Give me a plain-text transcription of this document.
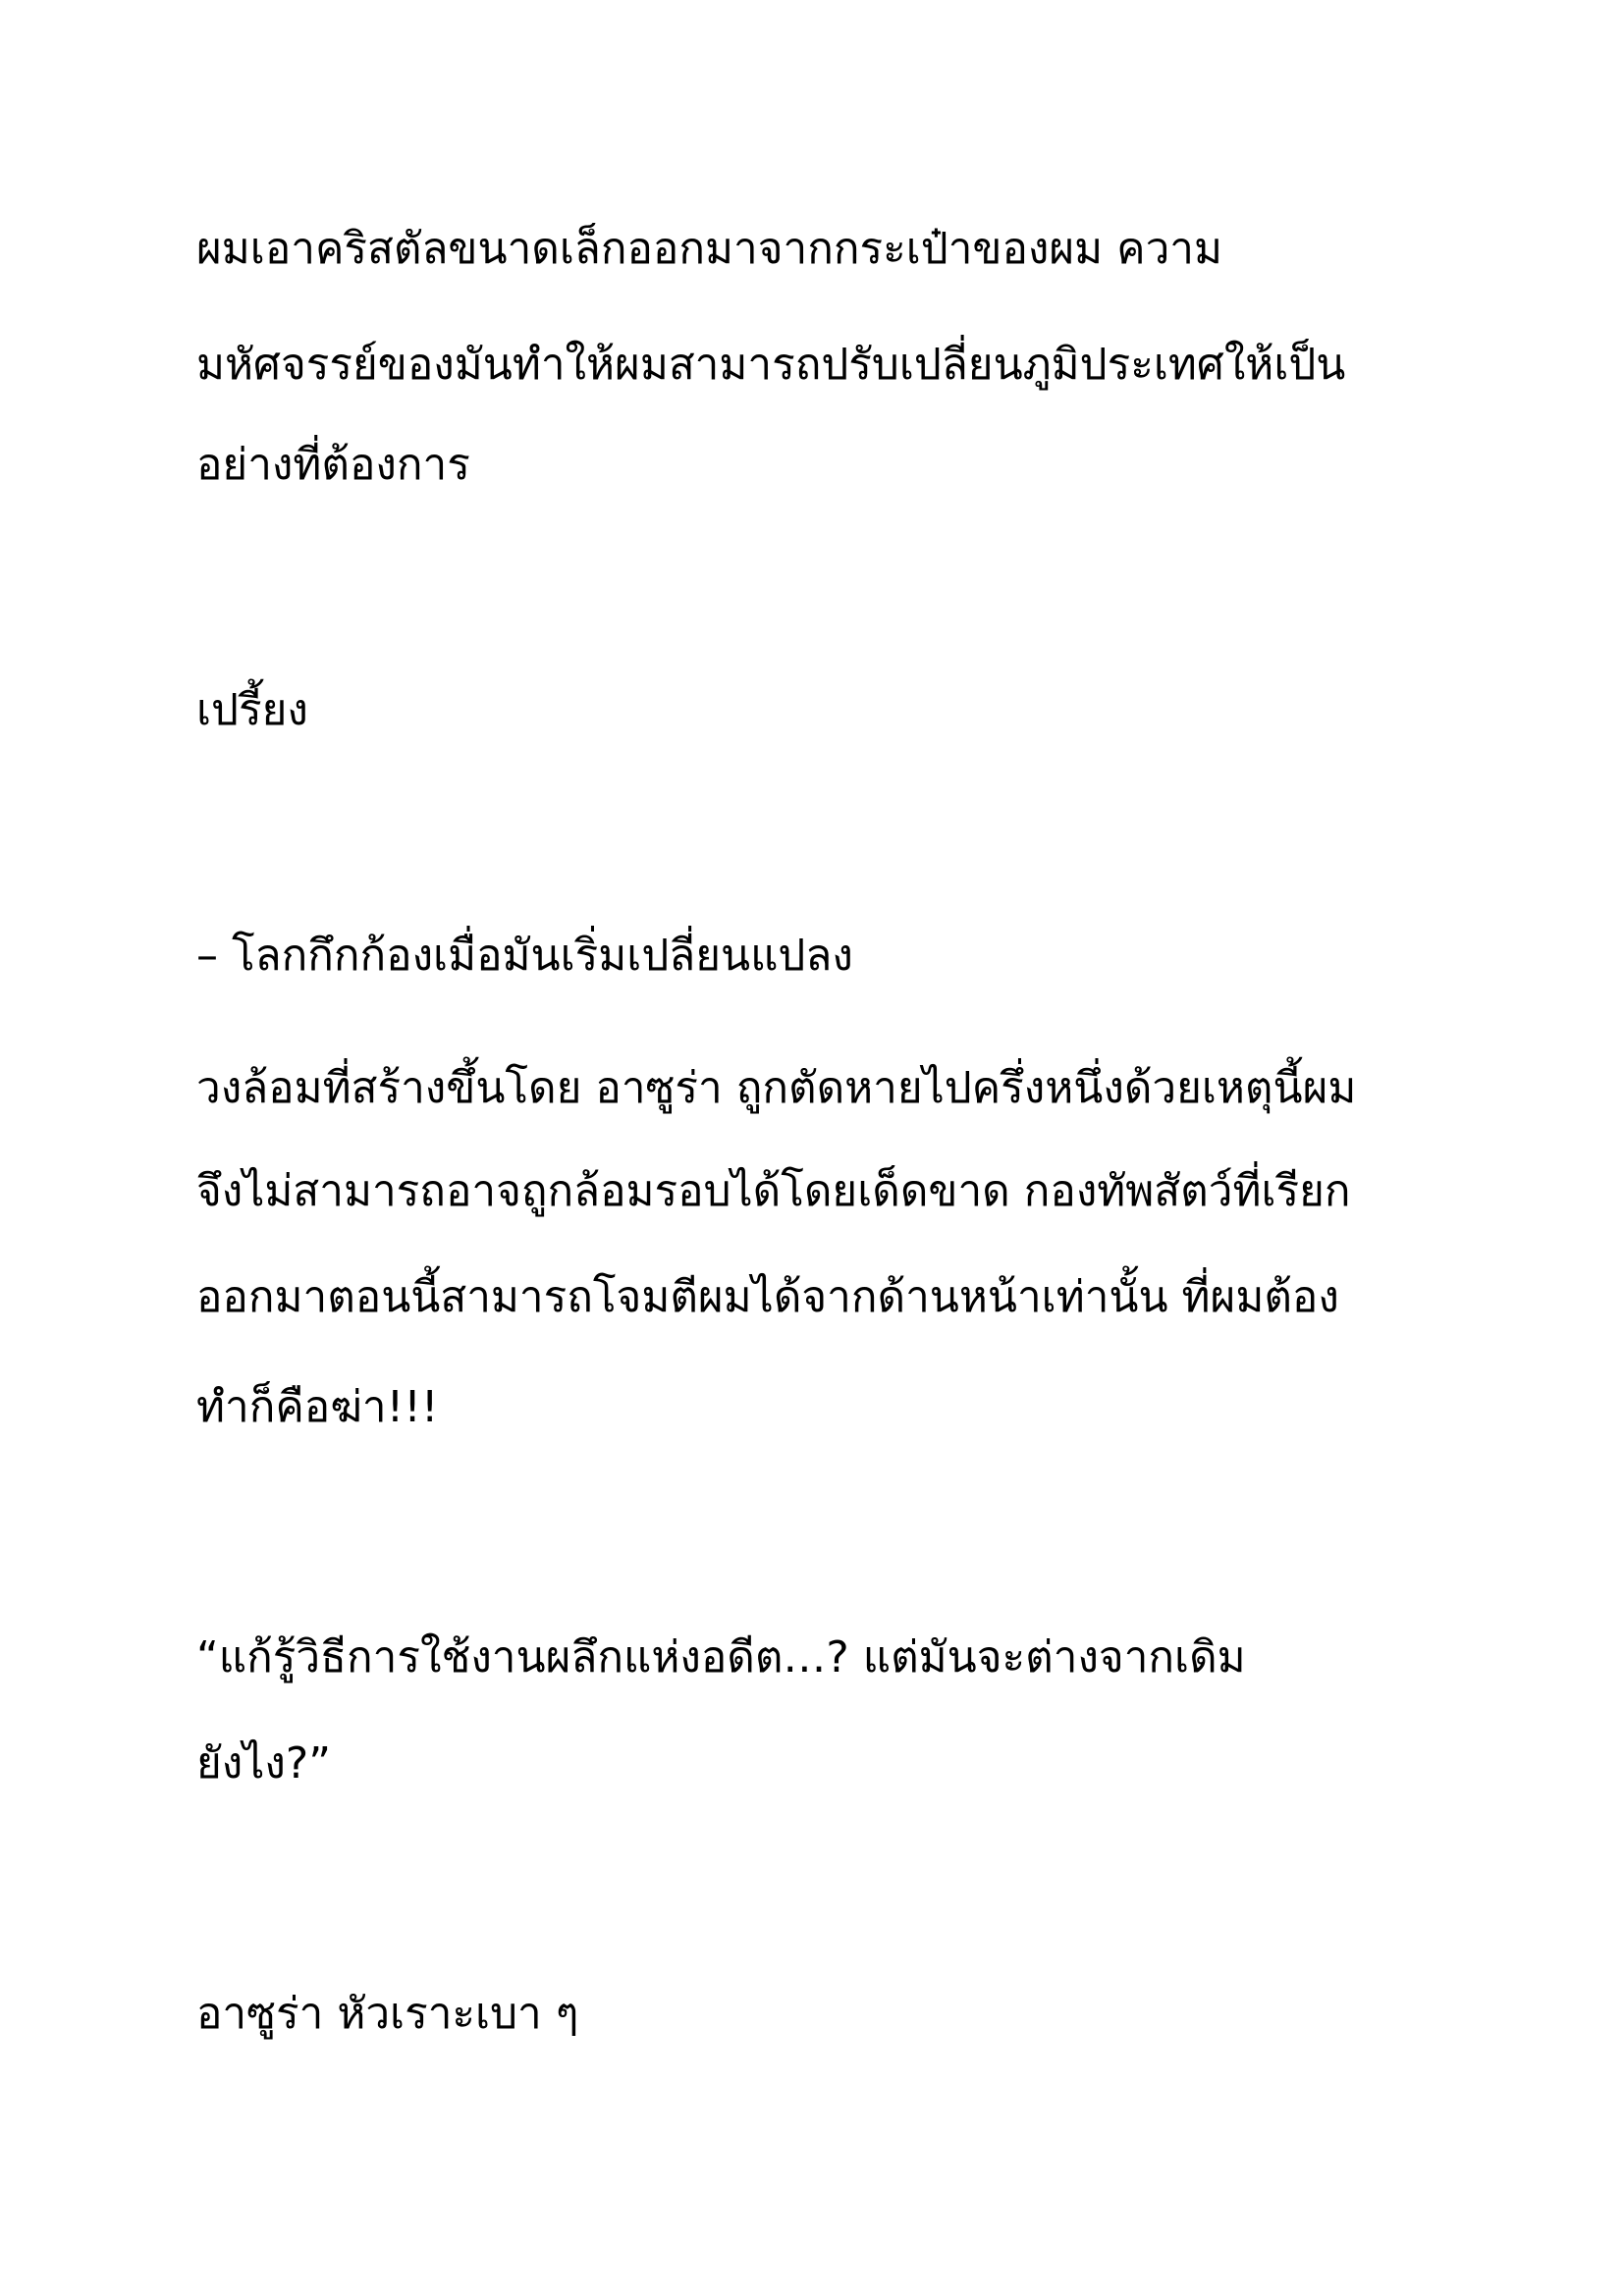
ผมเอาคริสตัลขนาดเล็กออกมาจากกระเป๋าของผม ความ
มหัศจรรย์ของมันทำให้ผมสามารถปรับเปลี่ยนภูมิประเทศให้เป็น
อย่างที่ต้องการ
เปรี้ยง
– โลกกึกก้องเมื่อมันเริ่มเปลี่ยนแปลง
วงล้อมที่สร้างขึ้นโดย อาซูร่า ถูกตัดหายไปครึ่งหนึ่งด้วยเหตุนี้ผม
จึงไม่สามารถอาจถูกล้อมรอบได้โดยเด็ดขาด กองทัพสัตว์ที่เรียก
ออกมาตอนนี้สามารถโจมตีผมได้จากด้านหน้าเท่านั้น ที่ผมต้อง
ทำก็คือฆ่า!!!
“แก้รู้วิธีการใช้งานผลึกแห่งอดีต…? แต่มันจะต่างจากเดิม
ยังไง?”
อาซูร่า หัวเราะเบา ๆ
